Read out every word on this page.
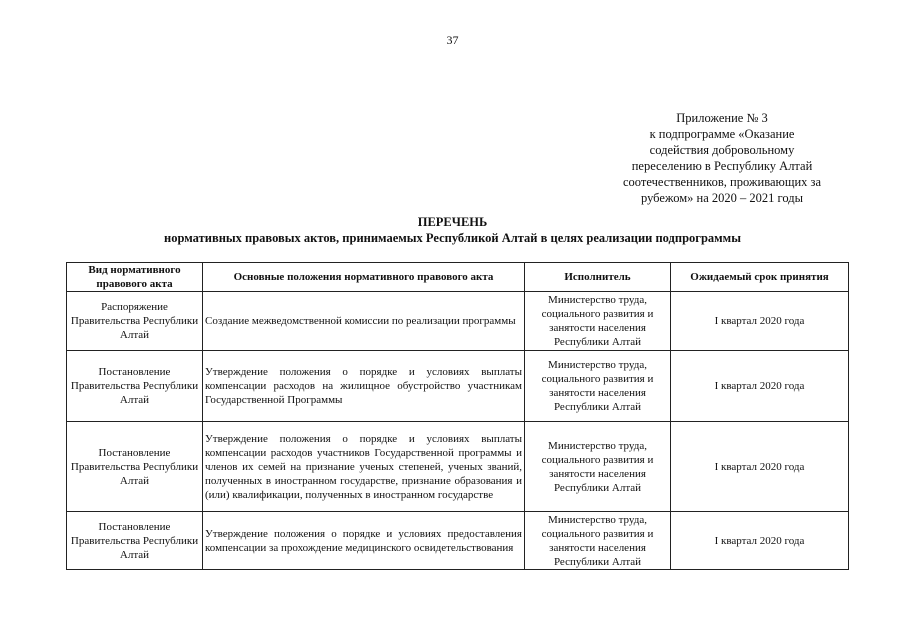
37
Приложение № 3
к подпрограмме «Оказание
содействия добровольному
переселению в Республику Алтай
соотечественников, проживающих за
рубежом» на 2020 – 2021 годы
ПЕРЕЧЕНЬ
нормативных правовых актов, принимаемых Республикой Алтай в целях реализации подпрограммы
Вид нормативного правового акта	Основные положения нормативного правового акта	Исполнитель	Ожидаемый срок принятия
Распоряжение Правительства Республики Алтай	Создание межведомственной комиссии по реализации программы	Министерство труда, социального развития и занятости населения Республики Алтай	I квартал 2020 года
Постановление Правительства Республики Алтай	Утверждение положения о порядке и условиях выплаты компенсации расходов на жилищное обустройство участникам Государственной Программы	Министерство труда, социального развития и занятости населения Республики Алтай	I квартал 2020 года
Постановление Правительства Республики Алтай	Утверждение положения о порядке и условиях выплаты компенсации расходов участников Государственной программы и членов их семей на признание ученых степеней, ученых званий, полученных в иностранном государстве, признание образования и (или) квалификации, полученных в иностранном государстве	Министерство труда, социального развития и занятости населения Республики Алтай	I квартал 2020 года
Постановление Правительства Республики Алтай	Утверждение положения о порядке и условиях предоставления компенсации за прохождение медицинского освидетельствования	Министерство труда, социального развития и занятости населения Республики Алтай	I квартал 2020 года
